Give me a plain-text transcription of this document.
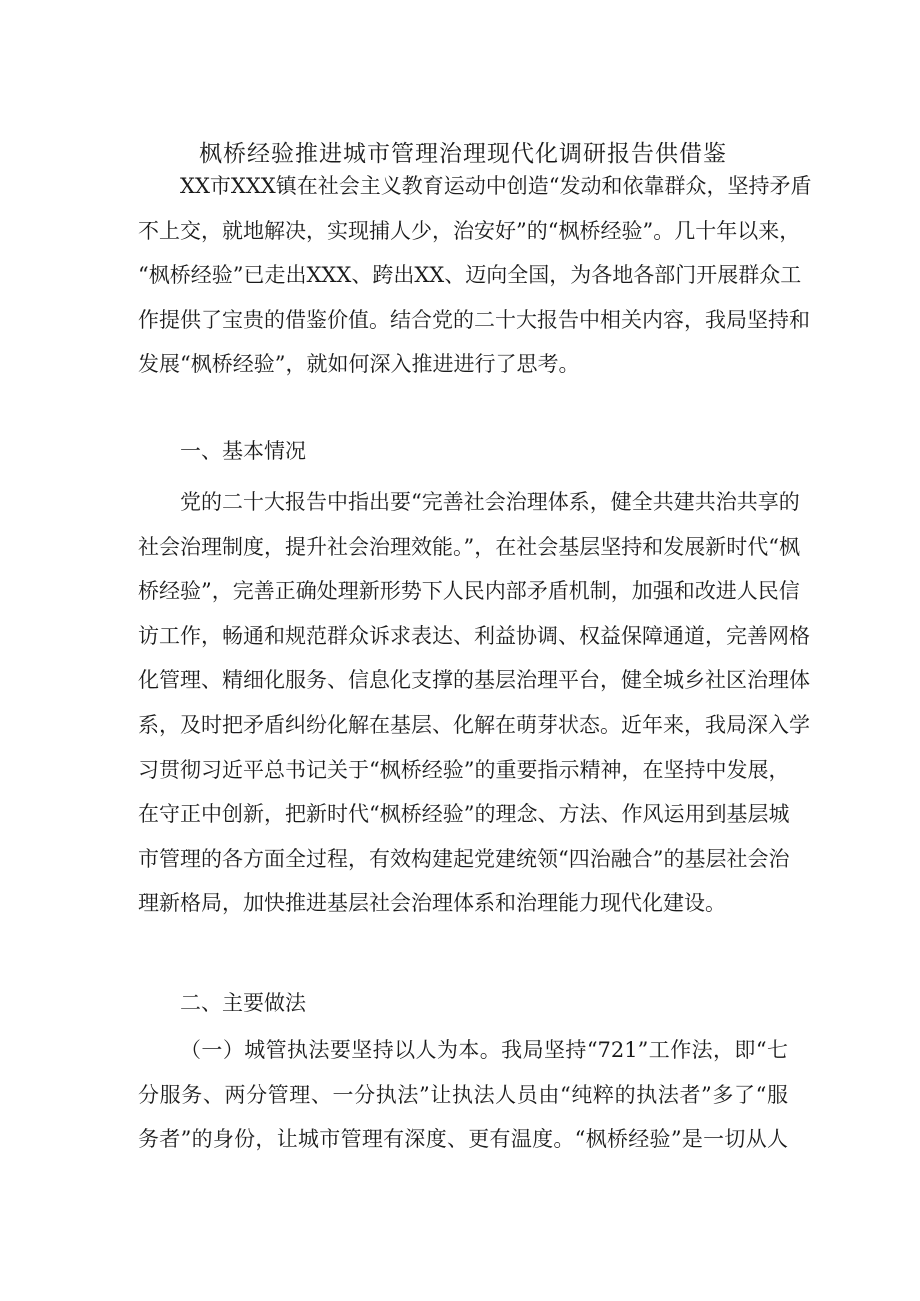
枫桥经验推进城市管理治理现代化调研报告供借鉴
XX市XXX镇在社会主义教育运动中创造“发动和依靠群众，坚持矛盾
不上交，就地解决，实现捕人少，治安好”的“枫桥经验”。几十年以来，
“枫桥经验”已走出XXX、跨出XX、迈向全国，为各地各部门开展群众工
作提供了宝贵的借鉴价值。结合党的二十大报告中相关内容，我局坚持和
发展“枫桥经验”，就如何深入推进进行了思考。
一、基本情况
党的二十大报告中指出要“完善社会治理体系，健全共建共治共享的
社会治理制度，提升社会治理效能。”，在社会基层坚持和发展新时代“枫
桥经验”，完善正确处理新形势下人民内部矛盾机制，加强和改进人民信
访工作，畅通和规范群众诉求表达、利益协调、权益保障通道，完善网格
化管理、精细化服务、信息化支撑的基层治理平台，健全城乡社区治理体
系，及时把矛盾纠纷化解在基层、化解在萌芽状态。近年来，我局深入学
习贯彻习近平总书记关于“枫桥经验”的重要指示精神，在坚持中发展，
在守正中创新，把新时代“枫桥经验”的理念、方法、作风运用到基层城
市管理的各方面全过程，有效构建起党建统领“四治融合”的基层社会治
理新格局，加快推进基层社会治理体系和治理能力现代化建设。
二、主要做法
（一）城管执法要坚持以人为本。我局坚持“721”工作法，即“七
分服务、两分管理、一分执法”让执法人员由“纯粹的执法者”多了“服
务者”的身份，让城市管理有深度、更有温度。“枫桥经验”是一切从人
